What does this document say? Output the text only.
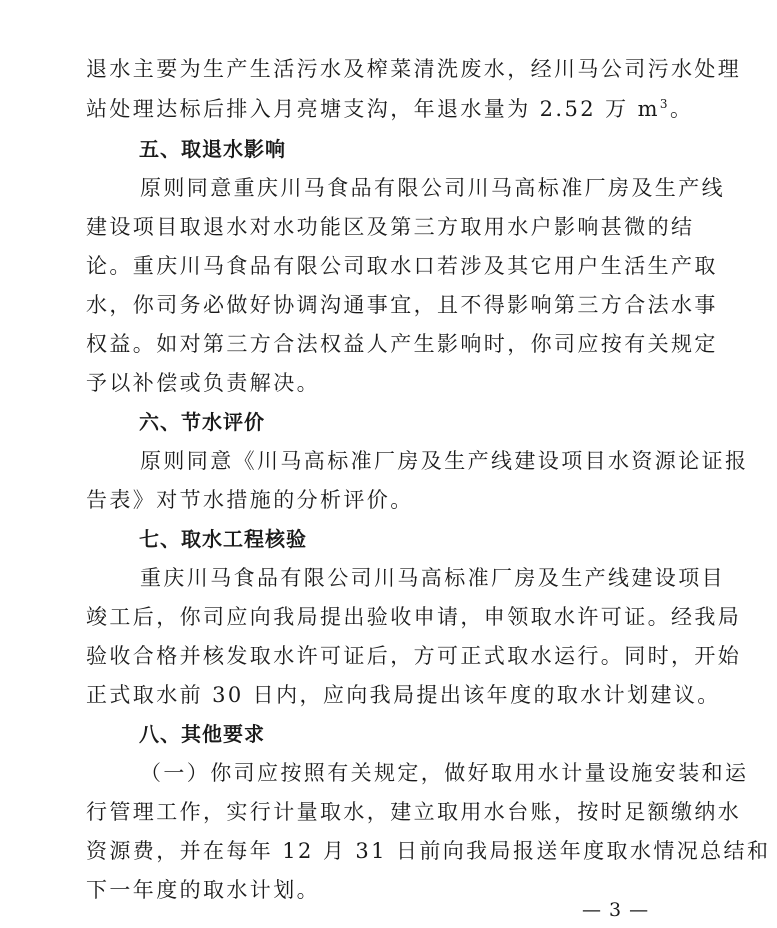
退水主要为生产生活污水及榨菜清洗废水，经川马公司污水处理
站处理达标后排入月亮塘支沟，年退水量为 2.52 万 $m^3$。
五、取退水影响
原则同意重庆川马食品有限公司川马高标准厂房及生产线
建设项目取退水对水功能区及第三方取用水户影响甚微的结
论。重庆川马食品有限公司取水口若涉及其它用户生活生产取
水，你司务必做好协调沟通事宜，且不得影响第三方合法水事
权益。如对第三方合法权益人产生影响时，你司应按有关规定
予以补偿或负责解决。
六、节水评价
原则同意《川马高标准厂房及生产线建设项目水资源论证报
告表》对节水措施的分析评价。
七、取水工程核验
重庆川马食品有限公司川马高标准厂房及生产线建设项目
竣工后，你司应向我局提出验收申请，申领取水许可证。经我局
验收合格并核发取水许可证后，方可正式取水运行。同时，开始
正式取水前 30 日内，应向我局提出该年度的取水计划建议。
八、其他要求
（一）你司应按照有关规定，做好取用水计量设施安装和运
行管理工作，实行计量取水，建立取用水台账，按时足额缴纳水
资源费，并在每年 12 月 31 日前向我局报送年度取水情况总结和
下一年度的取水计划。
— 3 —
